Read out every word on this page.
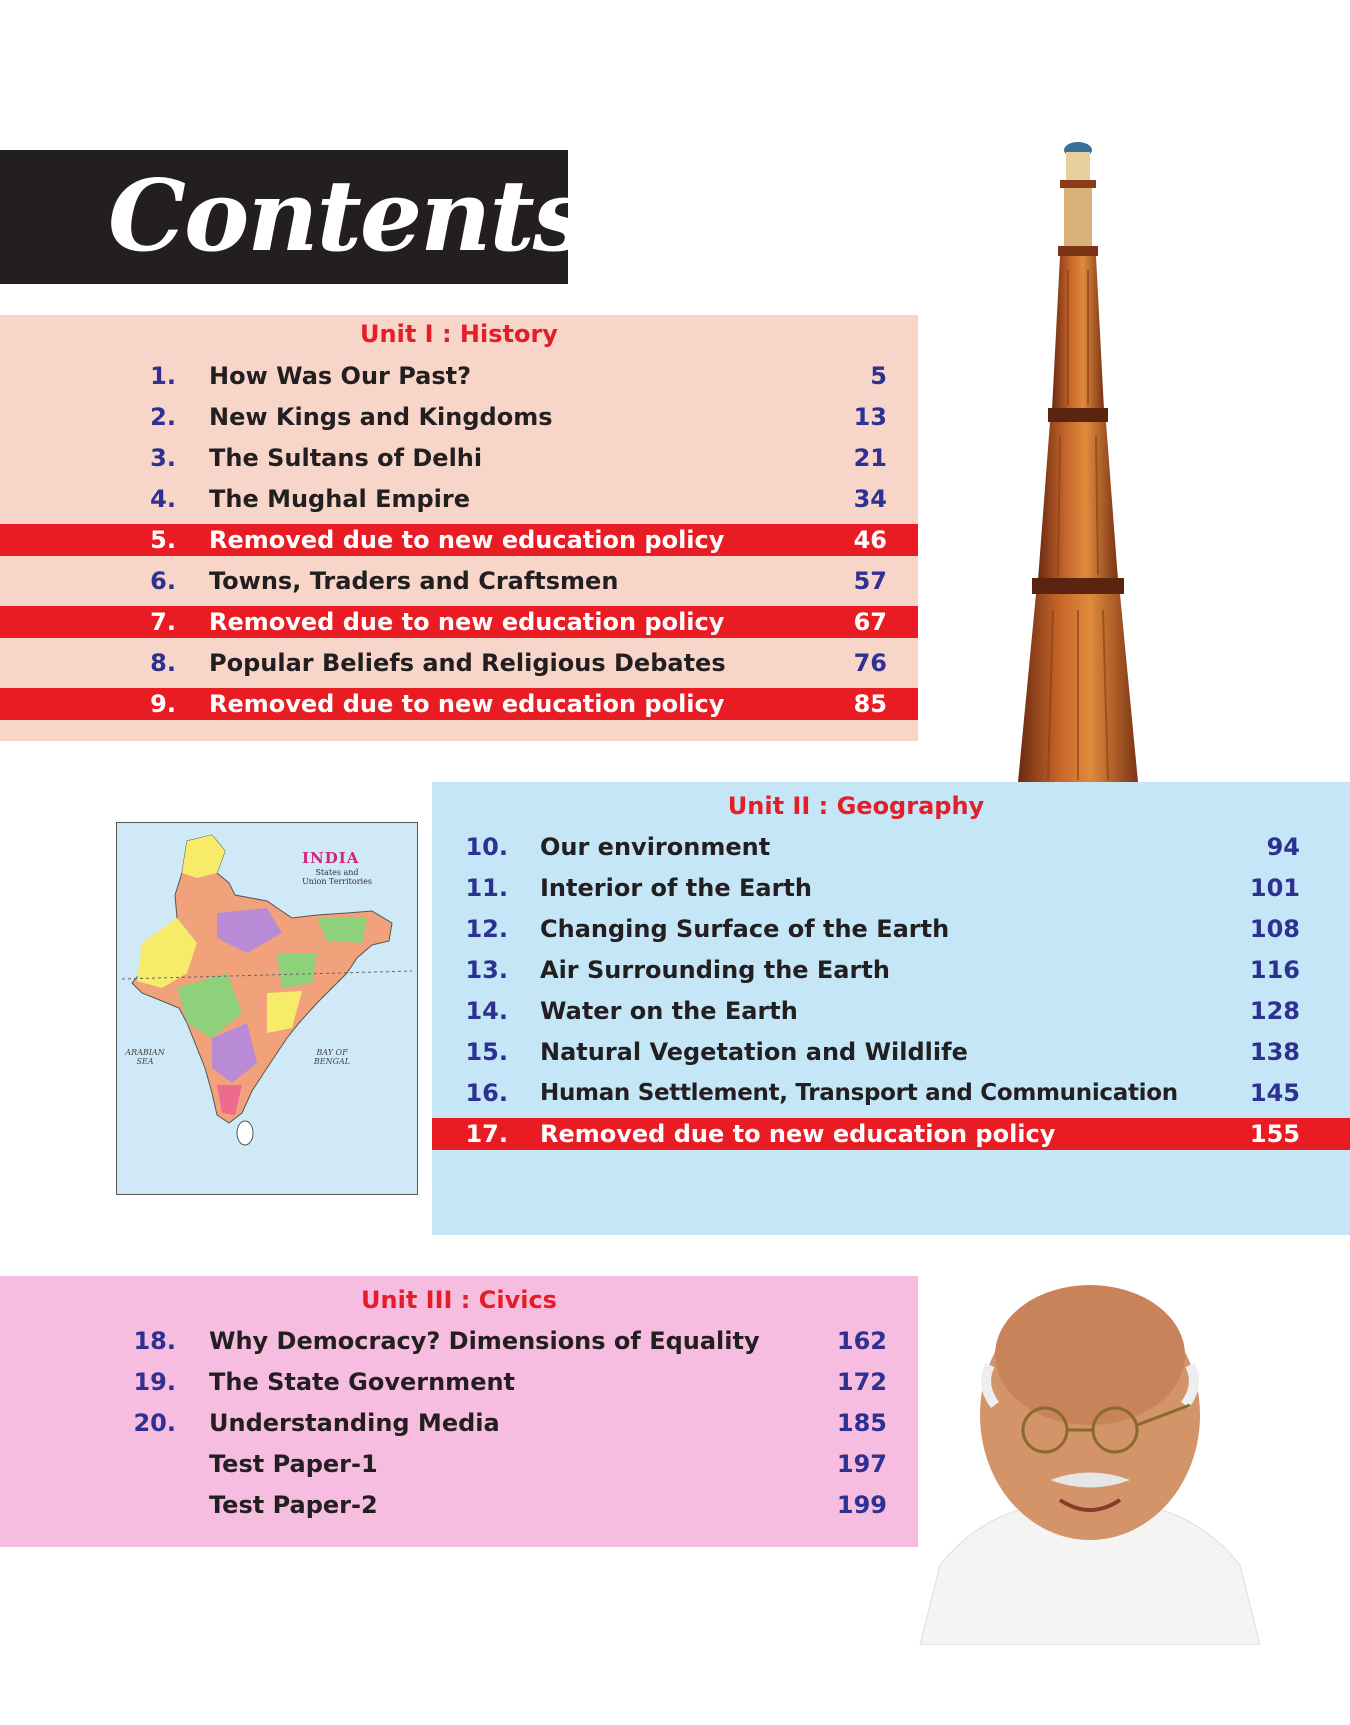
Contents...
Unit I : History
1. How Was Our Past?	5
2. New Kings and Kingdoms	13
3. The Sultans of Delhi	21
4. The Mughal Empire	34
5. Removed due to new education policy	46
6. Towns, Traders and Craftsmen	57
7. Removed due to new education policy	67
8. Popular Beliefs and Religious Debates	76
9. Removed due to new education policy	85
Unit II : Geography
10. Our environment	94
11. Interior of the Earth	101
12. Changing Surface of the Earth	108
13. Air Surrounding the Earth	116
14. Water on the Earth	128
15. Natural Vegetation and Wildlife	138
16. Human Settlement, Transport and Communication	145
17. Removed due to new education policy	155
INDIA
States and Union Territories
ARABIAN SEA
BAY OF BENGAL
Unit III : Civics
18. Why Democracy? Dimensions of Equality	162
19. The State Government	172
20. Understanding Media	185
Test Paper-1	197
Test Paper-2	199
